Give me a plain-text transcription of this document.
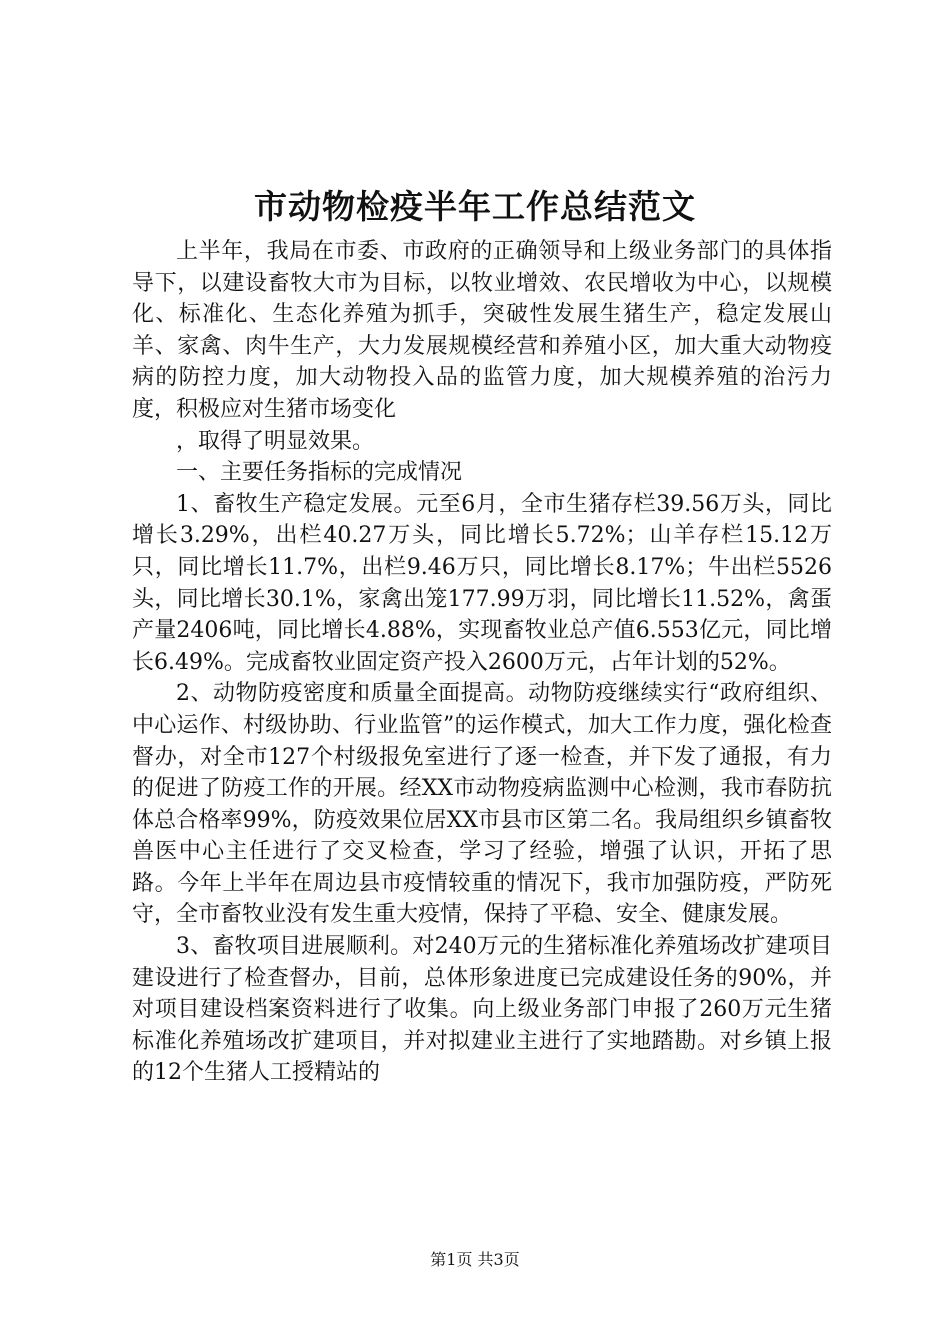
市动物检疫半年工作总结范文

上半年，我局在市委、市政府的正确领导和上级业务部门的具体指导下，以建设畜牧大市为目标，以牧业增效、农民增收为中心，以规模化、标准化、生态化养殖为抓手，突破性发展生猪生产，稳定发展山羊、家禽、肉牛生产，大力发展规模经营和养殖小区，加大重大动物疫病的防控力度，加大动物投入品的监管力度，加大规模养殖的治污力度，积极应对生猪市场变化

，取得了明显效果。

一、主要任务指标的完成情况

1、畜牧生产稳定发展。元至6月，全市生猪存栏39.56万头，同比增长3.29%，出栏40.27万头，同比增长5.72%；山羊存栏15.12万只，同比增长11.7%，出栏9.46万只，同比增长8.17%；牛出栏5526头，同比增长30.1%，家禽出笼177.99万羽，同比增长11.52%，禽蛋产量2406吨，同比增长4.88%，实现畜牧业总产值6.553亿元，同比增长6.49%。完成畜牧业固定资产投入2600万元，占年计划的52%。

2、动物防疫密度和质量全面提高。动物防疫继续实行“政府组织、中心运作、村级协助、行业监管”的运作模式，加大工作力度，强化检查督办，对全市127个村级报免室进行了逐一检查，并下发了通报，有力的促进了防疫工作的开展。经XX市动物疫病监测中心检测，我市春防抗体总合格率99%，防疫效果位居XX市县市区第二名。我局组织乡镇畜牧兽医中心主任进行了交叉检查，学习了经验，增强了认识，开拓了思路。今年上半年在周边县市疫情较重的情况下，我市加强防疫，严防死守，全市畜牧业没有发生重大疫情，保持了平稳、安全、健康发展。

3、畜牧项目进展顺利。对240万元的生猪标准化养殖场改扩建项目建设进行了检查督办，目前，总体形象进度已完成建设任务的90%，并对项目建设档案资料进行了收集。向上级业务部门申报了260万元生猪标准化养殖场改扩建项目，并对拟建业主进行了实地踏勘。对乡镇上报的12个生猪人工授精站的

第1页 共3页
